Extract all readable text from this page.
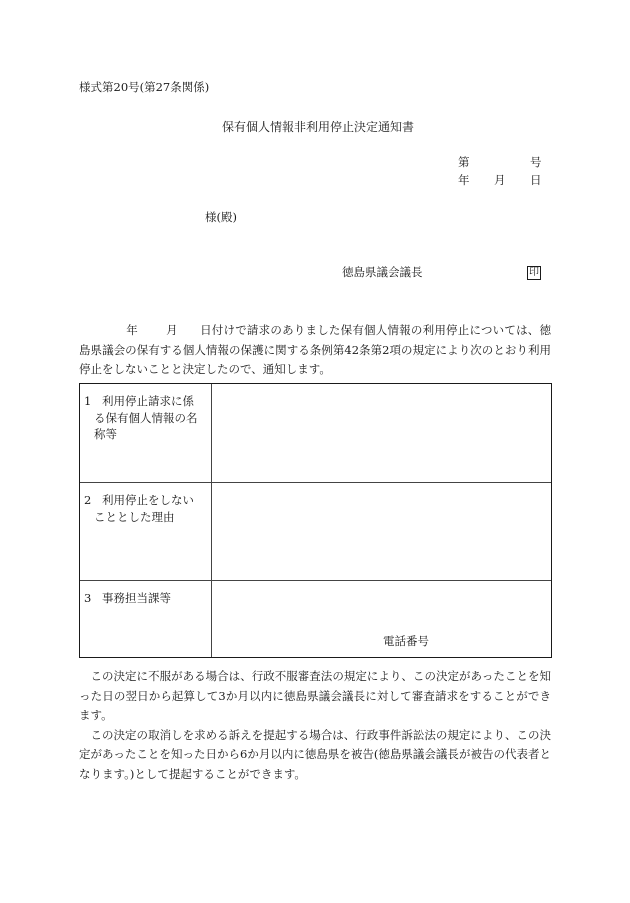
様式第20号(第27条関係)
保有個人情報非利用停止決定通知書
第	号
年 月 日
様(殿)
徳島県議会議長	印

年 月 日付けで請求のありました保有個人情報の利用停止については、徳島県議会の保有する個人情報の保護に関する条例第42条第2項の規定により次のとおり利用停止をしないことと決定したので、通知します。

1 利用停止請求に係
る保有個人情報の名称等
2 利用停止をしない
こととした理由
3 事務担当課等
電話番号

この決定に不服がある場合は、行政不服審査法の規定により、この決定があったことを知った日の翌日から起算して3か月以内に徳島県議会議長に対して審査請求をすることができます。

この決定の取消しを求める訴えを提起する場合は、行政事件訴訟法の規定により、この決定があったことを知った日から6か月以内に徳島県を被告(徳島県議会議長が被告の代表者となります。)として提起することができます。
